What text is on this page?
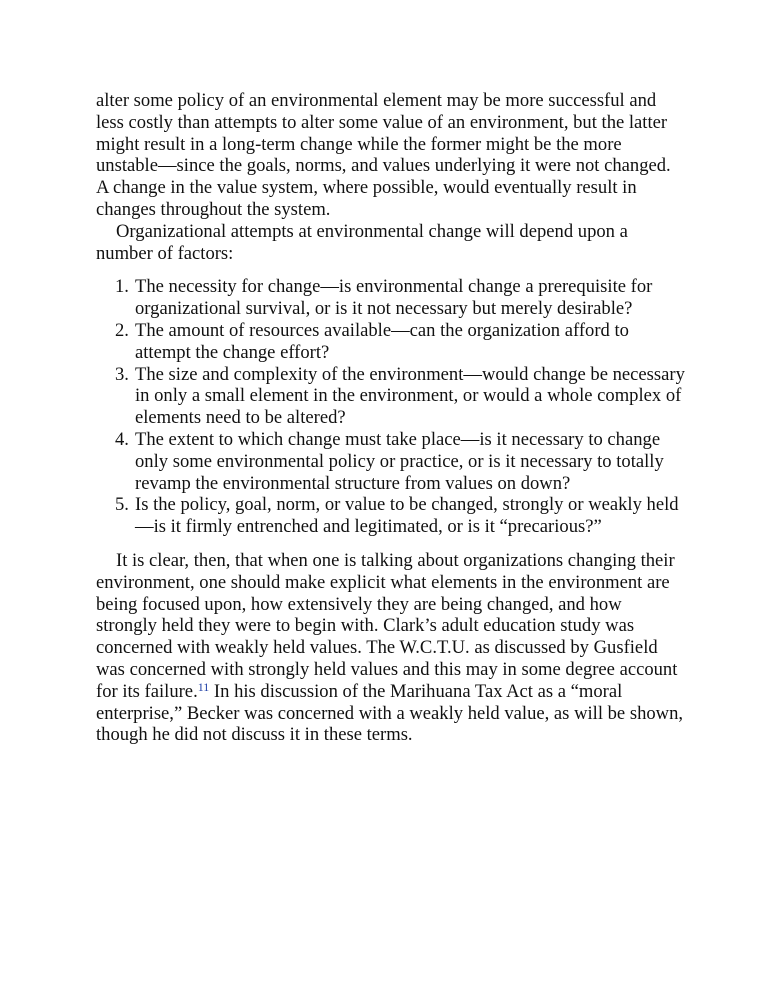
alter some policy of an environmental element may be more successful and less costly than attempts to alter some value of an environment, but the latter might result in a long-term change while the former might be the more unstable—since the goals, norms, and values underlying it were not changed. A change in the value system, where possible, would eventually result in changes throughout the system.

Organizational attempts at environmental change will depend upon a number of factors:

1. The necessity for change—is environmental change a prerequisite for organizational survival, or is it not necessary but merely desirable?
2. The amount of resources available—can the organization afford to attempt the change effort?
3. The size and complexity of the environment—would change be necessary in only a small element in the environment, or would a whole complex of elements need to be altered?
4. The extent to which change must take place—is it necessary to change only some environmental policy or practice, or is it necessary to totally revamp the environmental structure from values on down?
5. Is the policy, goal, norm, or value to be changed, strongly or weakly held—is it firmly entrenched and legitimated, or is it “precarious?”

It is clear, then, that when one is talking about organizations changing their environment, one should make explicit what elements in the environment are being focused upon, how extensively they are being changed, and how strongly held they were to begin with. Clark’s adult education study was concerned with weakly held values. The W.C.T.U. as discussed by Gusfield was concerned with strongly held values and this may in some degree account for its failure.$^{11}$ In his discussion of the Marihuana Tax Act as a “moral enterprise,” Becker was concerned with a weakly held value, as will be shown, though he did not discuss it in these terms.
